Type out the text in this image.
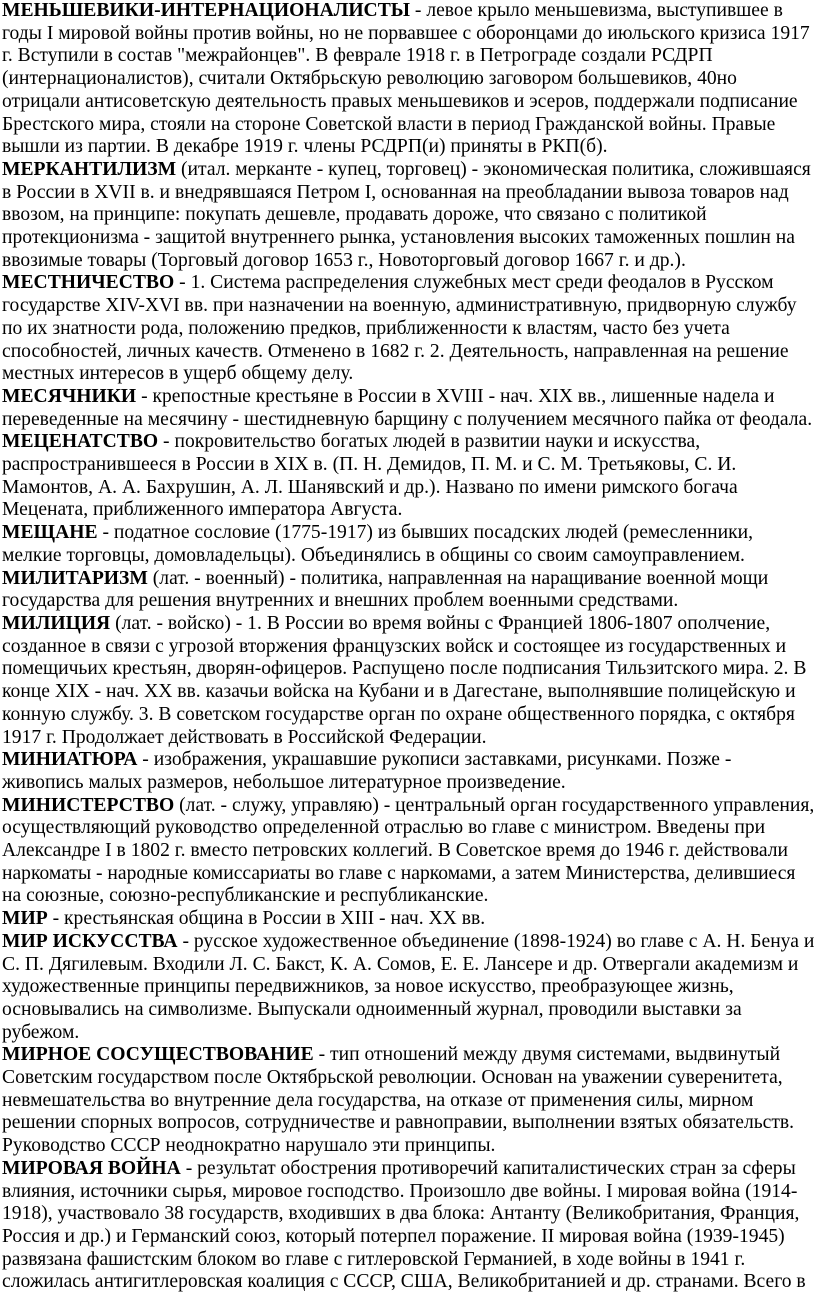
МЕНЬШЕВИКИ-ИНТЕРНАЦИОНАЛИСТЫ - левое крыло меньшевизма, выступившее в годы I мировой войны против войны, но не порвавшее с оборонцами до июльского кризиса 1917 г. Вступили в состав "межрайонцев". В феврале 1918 г. в Петрограде создали РСДРП (интернационалистов), считали Октябрьскую революцию заговором большевиков, 40но отрицали антисоветскую деятельность правых меньшевиков и эсеров, поддержали подписание Брестского мира, стояли на стороне Советской власти в период Гражданской войны. Правые вышли из партии. В декабре 1919 г. члены РСДРП(и) приняты в РКП(б).

МЕРКАНТИЛИЗМ (итал. мерканте - купец, торговец) - экономическая политика, сложившаяся в России в XVII в. и внедрявшаяся Петром I, основанная на преобладании вывоза товаров над ввозом, на принципе: покупать дешевле, продавать дороже, что связано с политикой протекционизма - защитой внутреннего рынка, установления высоких таможенных пошлин на ввозимые товары (Торговый договор 1653 г., Новоторговый договор 1667 г. и др.).

МЕСТНИЧЕСТВО - 1. Система распределения служебных мест среди феодалов в Русском государстве XIV-XVI вв. при назначении на военную, административную, придворную службу по их знатности рода, положению предков, приближенности к властям, часто без учета способностей, личных качеств. Отменено в 1682 г. 2. Деятельность, направленная на решение местных интересов в ущерб общему делу.

МЕСЯЧНИКИ - крепостные крестьяне в России в XVIII - нач. XIX вв., лишенные надела и переведенные на месячину - шестидневную барщину с получением месячного пайка от феодала.

МЕЦЕНАТСТВО - покровительство богатых людей в развитии науки и искусства, распространившееся в России в XIX в. (П. Н. Демидов, П. М. и С. М. Третьяковы, С. И. Мамонтов, А. А. Бахрушин, А. Л. Шанявский и др.). Названо по имени римского богача Мецената, приближенного императора Августа.

МЕЩАНЕ - податное сословие (1775-1917) из бывших посадских людей (ремесленники, мелкие торговцы, домовладельцы). Объединялись в общины со своим самоуправлением.

МИЛИТАРИЗМ (лат. - военный) - политика, направленная на наращивание военной мощи государства для решения внутренних и внешних проблем военными средствами.

МИЛИЦИЯ (лат. - войско) - 1. В России во время войны с Францией 1806-1807 ополчение, созданное в связи с угрозой вторжения французских войск и состоящее из государственных и помещичьих крестьян, дворян-офицеров. Распущено после подписания Тильзитского мира. 2. В конце XIX - нач. XX вв. казачьи войска на Кубани и в Дагестане, выполнявшие полицейскую и конную службу. 3. В советском государстве орган по охране общественного порядка, с октября 1917 г. Продолжает действовать в Российской Федерации.

МИНИАТЮРА - изображения, украшавшие рукописи заставками, рисунками. Позже - живопись малых размеров, небольшое литературное произведение.

МИНИСТЕРСТВО (лат. - служу, управляю) - центральный орган государственного управления, осуществляющий руководство определенной отраслью во главе с министром. Введены при Александре I в 1802 г. вместо петровских коллегий. В Советское время до 1946 г. действовали наркоматы - народные комиссариаты во главе с наркомами, а затем Министерства, делившиеся на союзные, союзно-республиканские и республиканские.

МИР - крестьянская община в России в XIII - нач. XX вв.

МИР ИСКУССТВА - русское художественное объединение (1898-1924) во главе с А. Н. Бенуа и С. П. Дягилевым. Входили Л. С. Бакст, К. А. Сомов, Е. Е. Лансере и др. Отвергали академизм и художественные принципы передвижников, за новое искусство, преобразующее жизнь, основывались на символизме. Выпускали одноименный журнал, проводили выставки за рубежом.

МИРНОЕ СОСУЩЕСТВОВАНИЕ - тип отношений между двумя системами, выдвинутый Советским государством после Октябрьской революции. Основан на уважении суверенитета, невмешательства во внутренние дела государства, на отказе от применения силы, мирном решении спорных вопросов, сотрудничестве и равноправии, выполнении взятых обязательств. Руководство СССР неоднократно нарушало эти принципы.

МИРОВАЯ ВОЙНА - результат обострения противоречий капиталистических стран за сферы влияния, источники сырья, мировое господство. Произошло две войны. I мировая война (1914-1918), участвовало 38 государств, входивших в два блока: Антанту (Великобритания, Франция, Россия и др.) и Германский союз, который потерпел поражение. II мировая война (1939-1945) развязана фашистским блоком во главе с гитлеровской Германией, в ходе войны в 1941 г. сложилась антигитлеровская коалиция с СССР, США, Великобританией и др. странами. Всего в
